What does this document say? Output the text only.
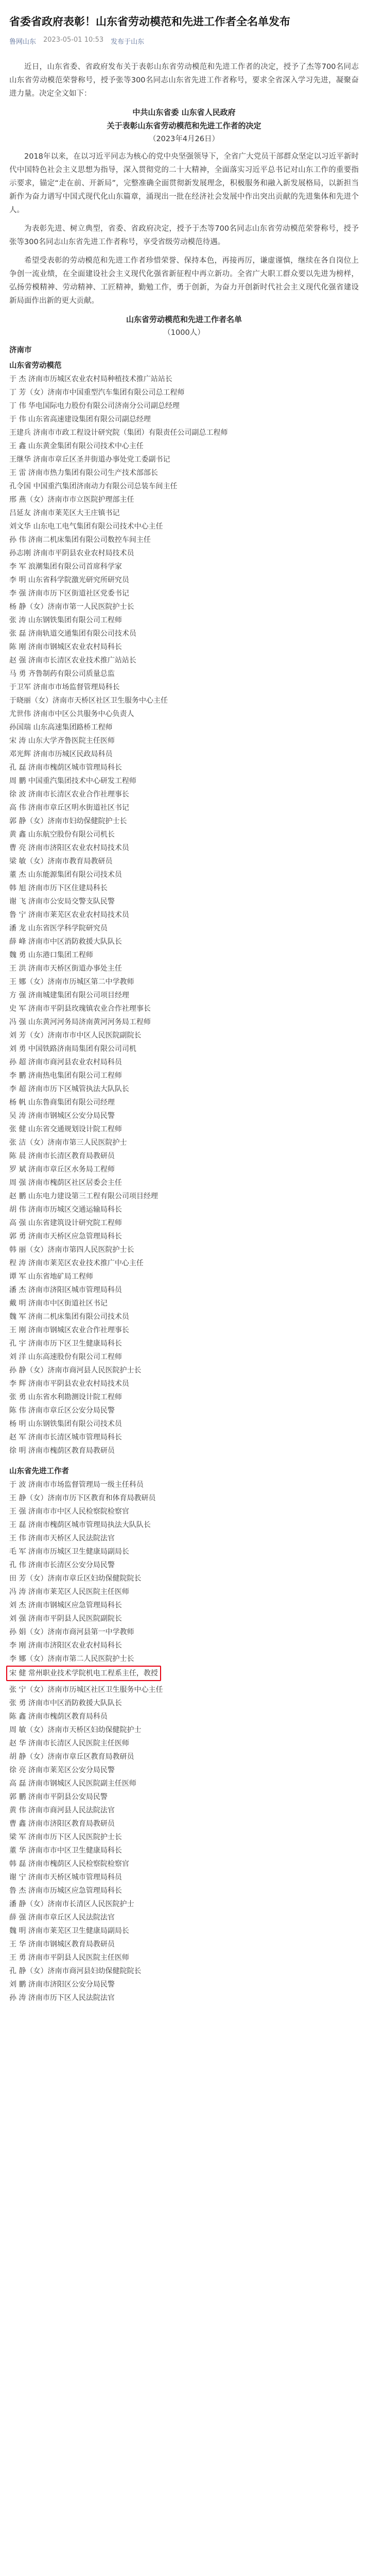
省委省政府表彰！山东省劳动模范和先进工作者全名单发布
鲁网山东 2023-05-01 10:53 发布于山东

近日，山东省委、省政府发布关于表彰山东省劳动模范和先进工作者的决定，授予了杰等700名同志山东省劳动模范荣誉称号，授予张等300名同志山东省先进工作者称号，要求全省深入学习先进，凝聚奋进力量。决定全文如下：

中共山东省委 山东省人民政府

关于表彰山东省劳动模范和先进工作者的决定

（2023年4月26日）

2018年以来，在以习近平同志为核心的党中央坚强领导下，全省广大党员干部群众坚定以习近平新时代中国特色社会主义思想为指导，深入贯彻党的二十大精神，全面落实习近平总书记对山东工作的重要指示要求，锚定“走在前、开新局”，完整准确全面贯彻新发展理念，积极服务和融入新发展格局，以新担当新作为奋力谱写中国式现代化山东篇章，涌现出一批在经济社会发展中作出突出贡献的先进集体和先进个人。

为表彰先进、树立典型，省委、省政府决定，授予于杰等700名同志山东省劳动模范荣誉称号，授予张等300名同志山东省先进工作者称号，享受省级劳动模范待遇。

希望受表彰的劳动模范和先进工作者珍惜荣誉、保持本色，再接再厉，谦虚谨慎，继续在各自岗位上争创一流业绩，在全面建设社会主义现代化强省新征程中再立新功。全省广大职工群众要以先进为榜样，弘扬劳模精神、劳动精神、工匠精神，勤勉工作，勇于创新，为奋力开创新时代社会主义现代化强省建设新局面作出新的更大贡献。

山东省劳动模范和先进工作者名单

（1000人）

济南市

山东省劳动模范

于 杰 济南市历城区农业农村局种植技术推广站站长
丁 芳（女）济南市中国重型汽车集团有限公司总工程师
丁 伟 华电国际电力股份有限公司济南分公司副总经理
于 伟 山东省高速建设集团有限公司副总经理
王建兵 济南市市政工程设计研究院（集团）有限责任公司副总工程师
王 鑫 山东黄金集团有限公司技术中心主任
王继华 济南市章丘区圣井街道办事处党工委副书记
王 雷 济南市热力集团有限公司生产技术部部长
孔令国 中国重汽集团济南动力有限公司总装车间主任
邢 燕（女）济南市市立医院护理部主任
吕延友 济南市莱芜区大王庄镇书记
刘文华 山东电工电气集团有限公司技术中心主任
孙 伟 济南二机床集团有限公司数控车间主任
孙志刚 济南市平阴县农业农村局技术员
李 军 浪潮集团有限公司首席科学家
李 明 山东省科学院激光研究所研究员
李 强 济南市历下区街道社区党委书记
杨 静（女）济南市第一人民医院护士长
张 涛 山东钢铁集团有限公司工程师
张 磊 济南轨道交通集团有限公司技术员
陈 刚 济南市钢城区农业农村局科长
赵 强 济南市长清区农业技术推广站站长
马 勇 齐鲁制药有限公司质量总监
于卫军 济南市市场监督管理局科长
于晓丽（女）济南市天桥区社区卫生服务中心主任
尤世伟 济南市中区公共服务中心负责人
孙国瑞 山东高速集团路桥工程师
宋 涛 山东大学齐鲁医院主任医师
邓光辉 济南市历城区民政局科员
孔 磊 济南市槐荫区城市管理局科长
周 鹏 中国重汽集团技术中心研发工程师
徐 波 济南市长清区农业合作社理事长
高 伟 济南市章丘区明水街道社区书记
郭 静（女）济南市妇幼保健院护士长
黄 鑫 山东航空股份有限公司机长
曹 亮 济南市济阳区农业农村局技术员
梁 敏（女）济南市教育局教研员
董 杰 山东能源集团有限公司技术员
韩 旭 济南市历下区住建局科长
谢 飞 济南市公安局交警支队民警
鲁 宁 济南市莱芜区农业农村局技术员
潘 龙 山东省医学科学院研究员
薛 峰 济南市中区消防救援大队队长
魏 勇 山东港口集团工程师
王 洪 济南市天桥区街道办事处主任
王 娜（女）济南市历城区第二中学教师
方 强 济南城建集团有限公司项目经理
史 军 济南市平阴县玫瑰镇农业合作社理事长
冯 强 山东黄河河务局济南黄河河务局工程师
刘 芳（女）济南市市中区人民医院副院长
刘 勇 中国铁路济南局集团有限公司司机
孙 超 济南市商河县农业农村局科员
李 鹏 济南热电集团有限公司工程师
李 超 济南市历下区城管执法大队队长
杨 帆 山东鲁商集团有限公司经理
吴 涛 济南市钢城区公安分局民警
张 健 山东省交通规划设计院工程师
张 洁（女）济南市第三人民医院护士
陈 晨 济南市长清区教育局教研员
罗 斌 济南市章丘区水务局工程师
周 强 济南市槐荫区社区居委会主任
赵 鹏 山东电力建设第三工程有限公司项目经理
胡 伟 济南市历城区交通运输局科长
高 强 山东省建筑设计研究院工程师
郭 勇 济南市天桥区应急管理局科长
韩 丽（女）济南市第四人民医院护士长
程 涛 济南市莱芜区农业技术推广中心主任
谭 军 山东省地矿局工程师
潘 杰 济南市济阳区城市管理局科员
戴 明 济南市中区街道社区书记
魏 军 济南二机床集团有限公司技术员
王 刚 济南市钢城区农业合作社理事长
孔 宇 济南市历下区卫生健康局科长
刘 洋 山东高速股份有限公司工程师
孙 静（女）济南市商河县人民医院护士长
李 辉 济南市平阴县农业农村局技术员
张 勇 山东省水利勘测设计院工程师
陈 伟 济南市章丘区公安分局民警
杨 明 山东钢铁集团有限公司技术员
赵 军 济南市长清区城市管理局科长
徐 明 济南市槐荫区教育局教研员

山东省先进工作者

于 波 济南市市场监督管理局一级主任科员
王 静（女）济南市历下区教育和体育局教研员
王 强 济南市市中区人民检察院检察官
王 磊 济南市槐荫区城市管理局执法大队队长
王 伟 济南市天桥区人民法院法官
毛 军 济南市历城区卫生健康局副局长
孔 伟 济南市长清区公安分局民警
田 芳（女）济南市章丘区妇幼保健院院长
冯 涛 济南市莱芜区人民医院主任医师
刘 杰 济南市钢城区应急管理局科长
刘 强 济南市平阴县人民医院副院长
孙 娟（女）济南市商河县第一中学教师
李 刚 济南市济阳区农业农村局科长
李 娜（女）济南市第二人民医院护士长
宋 健 常州职业技术学院机电工程系主任，教授
张 宁（女）济南市历城区社区卫生服务中心主任
张 勇 济南市中区消防救援大队队长
陈 鑫 济南市槐荫区教育局科员
周 敏（女）济南市天桥区妇幼保健院护士
赵 华 济南市长清区人民医院主任医师
胡 静（女）济南市章丘区教育局教研员
徐 亮 济南市莱芜区公安分局民警
高 磊 济南市钢城区人民医院副主任医师
郭 鹏 济南市平阴县公安局民警
黄 伟 济南市商河县人民法院法官
曹 鑫 济南市济阳区教育局教研员
梁 军 济南市历下区人民医院护士长
董 华 济南市市中区卫生健康局科长
韩 磊 济南市槐荫区人民检察院检察官
谢 宁 济南市天桥区城市管理局科员
鲁 杰 济南市历城区应急管理局科长
潘 静（女）济南市长清区人民医院护士
薛 强 济南市章丘区人民法院法官
魏 明 济南市莱芜区卫生健康局副局长
王 华 济南市钢城区教育局教研员
王 勇 济南市平阴县人民医院主任医师
孔 静（女）济南市商河县妇幼保健院院长
刘 鹏 济南市济阳区公安分局民警
孙 涛 济南市历下区人民法院法官
